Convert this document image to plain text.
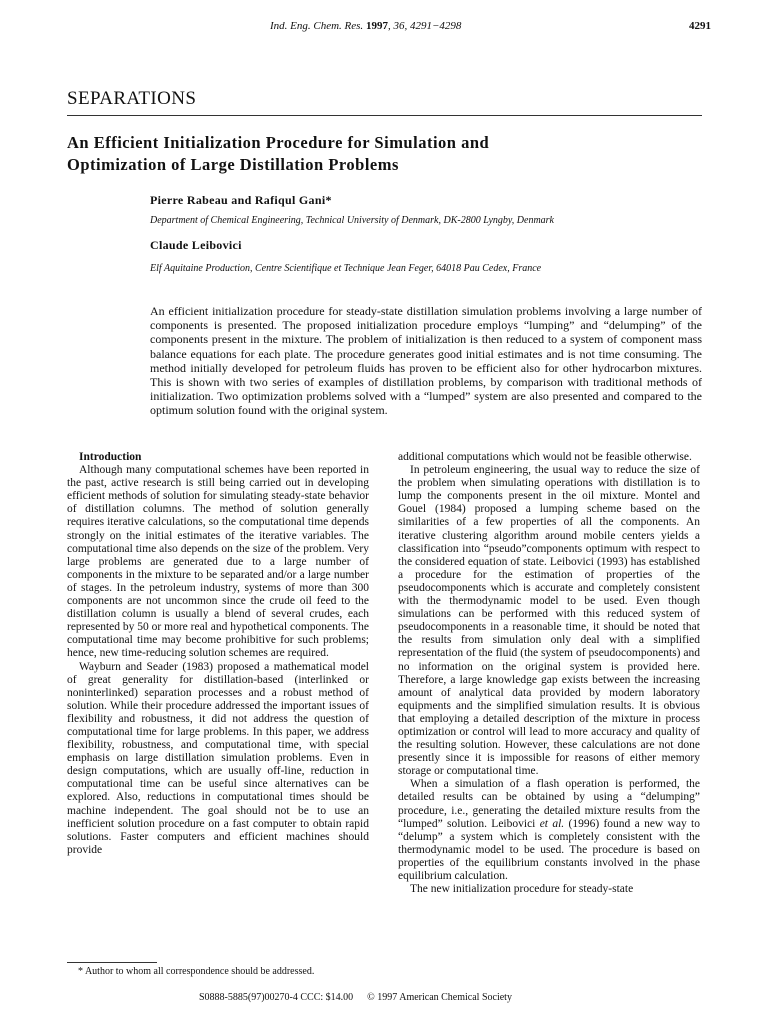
Ind. Eng. Chem. Res. 1997, 36, 4291−4298	4291
SEPARATIONS
An Efficient Initialization Procedure for Simulation and
Optimization of Large Distillation Problems
Pierre Rabeau and Rafiqul Gani*
Department of Chemical Engineering, Technical University of Denmark, DK-2800 Lyngby, Denmark
Claude Leibovici
Elf Aquitaine Production, Centre Scientifique et Technique Jean Feger, 64018 Pau Cedex, France
An efficient initialization procedure for steady-state distillation simulation problems involving a large number of components is presented. The proposed initialization procedure employs “lumping” and “delumping” of the components present in the mixture. The problem of initialization is then reduced to a system of component mass balance equations for each plate. The procedure generates good initial estimates and is not time consuming. The method initially developed for petroleum fluids has proven to be efficient also for other hydrocarbon mixtures. This is shown with two series of examples of distillation problems, by comparison with traditional methods of initialization. Two optimization problems solved with a “lumped” system are also presented and compared to the optimum solution found with the original system.

Introduction

Although many computational schemes have been reported in the past, active research is still being carried out in developing efficient methods of solution for simulating steady-state behavior of distillation columns. The method of solution generally requires iterative calculations, so the computational time depends strongly on the initial estimates of the iterative variables. The computational time also depends on the size of the problem. Very large problems are generated due to a large number of components in the mixture to be separated and/or a large number of stages. In the petroleum industry, systems of more than 300 components are not uncommon since the crude oil feed to the distillation column is usually a blend of several crudes, each represented by 50 or more real and hypothetical components. The computational time may become prohibitive for such problems; hence, new time-reducing solution schemes are required.

Wayburn and Seader (1983) proposed a mathematical model of great generality for distillation-based (interlinked or noninterlinked) separation processes and a robust method of solution. While their procedure addressed the important issues of flexibility and robustness, it did not address the question of computational time for large problems. In this paper, we address flexibility, robustness, and computational time, with special emphasis on large distillation simulation problems. Even in design computations, which are usually off-line, reduction in computational time can be useful since alternatives can be explored. Also, reductions in computational times should be machine independent. The goal should not be to use an inefficient solution procedure on a fast computer to obtain rapid solutions. Faster computers and efficient machines should provide

additional computations which would not be feasible otherwise.

In petroleum engineering, the usual way to reduce the size of the problem when simulating operations with distillation is to lump the components present in the oil mixture. Montel and Gouel (1984) proposed a lumping scheme based on the similarities of a few properties of all the components. An iterative clustering algorithm around mobile centers yields a classification into “pseudo”components optimum with respect to the considered equation of state. Leibovici (1993) has established a procedure for the estimation of properties of the pseudocomponents which is accurate and completely consistent with the thermodynamic model to be used. Even though simulations can be performed with this reduced system of pseudocomponents in a reasonable time, it should be noted that the results from simulation only deal with a simplified representation of the fluid (the system of pseudocomponents) and no information on the original system is provided here. Therefore, a large knowledge gap exists between the increasing amount of analytical data provided by modern laboratory equipments and the simplified simulation results. It is obvious that employing a detailed description of the mixture in process optimization or control will lead to more accuracy and quality of the resulting solution. However, these calculations are not done presently since it is impossible for reasons of either memory storage or computational time.

When a simulation of a flash operation is performed, the detailed results can be obtained by using a “delumping” procedure, i.e., generating the detailed mixture results from the “lumped” solution. Leibovici et al. (1996) found a new way to “delump” a system which is completely consistent with the thermodynamic model to be used. The procedure is based on properties of the equilibrium constants involved in the phase equilibrium calculation.

The new initialization procedure for steady-state

* Author to whom all correspondence should be addressed.
S0888-5885(97)00270-4 CCC: $14.00 © 1997 American Chemical Society
